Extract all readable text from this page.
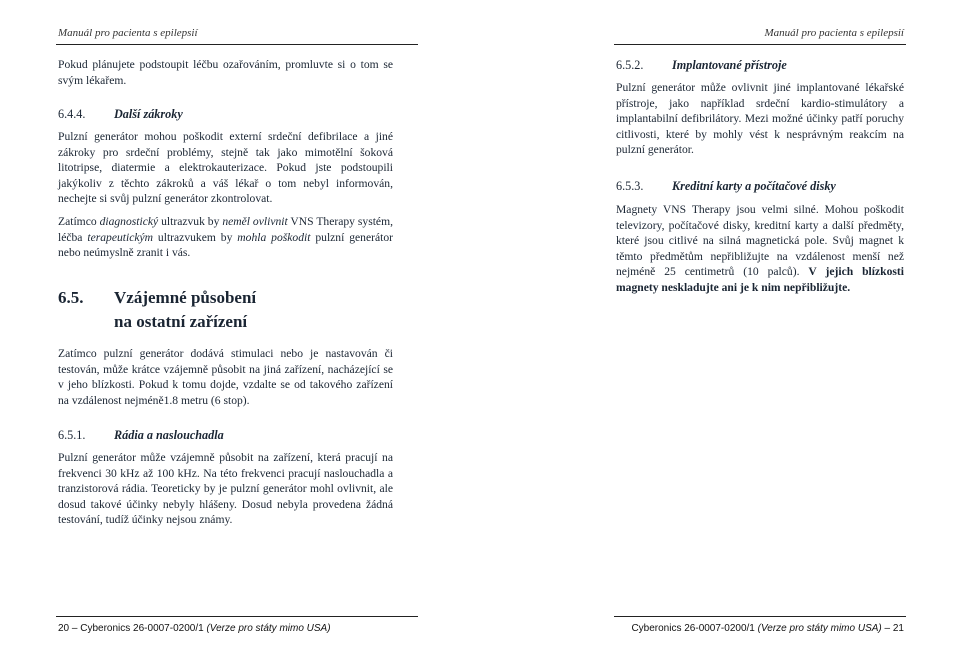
Manuál pro pacienta s epilepsií

Pokud plánujete podstoupit léčbu ozařováním, promluvte si o tom se svým lékařem.

6.4.4. Další zákroky

Pulzní generátor mohou poškodit externí srdeční defibrilace a jiné zákroky pro srdeční problémy, stejně tak jako mimotělní šoková litotripse, diatermie a elektrokauterizace. Pokud jste podstoupili jakýkoliv z těchto zákroků a váš lékař o tom nebyl informován, nechejte si svůj pulzní generátor zkontrolovat.

Zatímco diagnostický ultrazvuk by neměl ovlivnit VNS Therapy systém, léčba terapeutickým ultrazvukem by mohla poškodit pulzní generátor nebo neúmyslně zranit i vás.

6.5. Vzájemné působení
na ostatní zařízení

Zatímco pulzní generátor dodává stimulaci nebo je nastavován či testován, může krátce vzájemně působit na jiná zařízení, nacházející se v jeho blízkosti. Pokud k tomu dojde, vzdalte se od takového zařízení na vzdálenost nejméně1.8 metru (6 stop).

6.5.1. Rádia a naslouchadla

Pulzní generátor může vzájemně působit na zařízení, která pracují na frekvenci 30 kHz až 100 kHz. Na této frekvenci pracují naslouchadla a tranzistorová rádia. Teoreticky by je pulzní generátor mohl ovlivnit, ale dosud takové účinky nebyly hlášeny. Dosud nebyla provedena žádná testování, tudíž účinky nejsou známy.

20 – Cyberonics 26-0007-0200/1 (Verze pro státy mimo USA)
Manuál pro pacienta s epilepsií
6.5.2. Implantované přístroje

Pulzní generátor může ovlivnit jiné implantované lékařské přístroje, jako například srdeční kardio-stimulátory a implantabilní defibrilátory. Mezi možné účinky patří poruchy citlivosti, které by mohly vést k nesprávným reakcím na pulzní generátor.

6.5.3. Kreditní karty a počítačové disky

Magnety VNS Therapy jsou velmi silné. Mohou poškodit televizory, počítačové disky, kreditní karty a další předměty, které jsou citlivé na silná magnetická pole. Svůj magnet k těmto předmětům nepřibližujte na vzdálenost menší než nejméně 25 centimetrů (10 palců). V jejich blízkosti magnety neskladujte ani je k nim nepřibližujte.

Cyberonics 26-0007-0200/1 (Verze pro státy mimo USA) – 21
